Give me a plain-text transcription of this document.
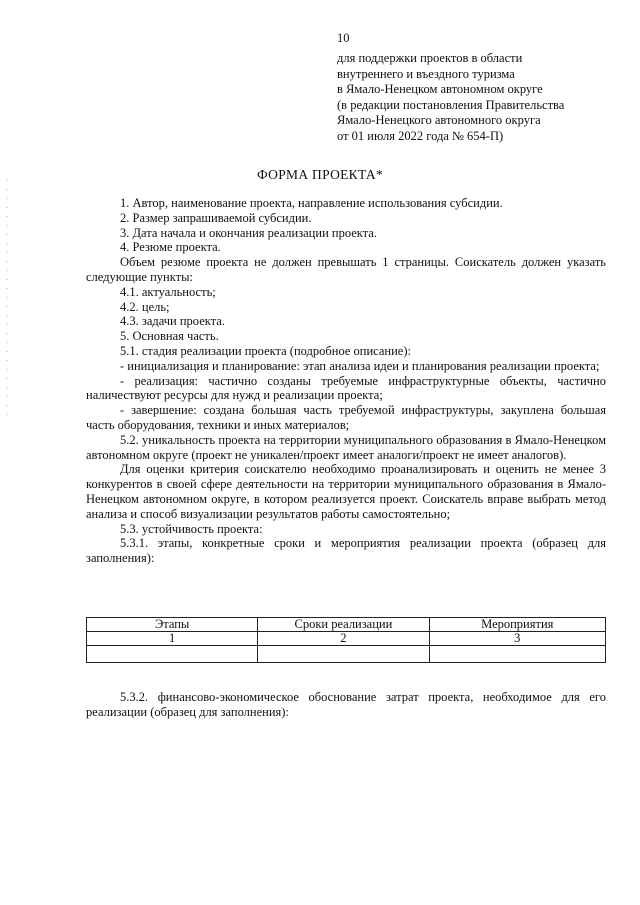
10
для поддержки проектов в области
внутреннего и въездного туризма
в Ямало-Ненецком автономном округе
(в редакции постановления Правительства
Ямало-Ненецкого автономного округа
от 01 июля 2022 года № 654-П)
ФОРМА ПРОЕКТА*

1. Автор, наименование проекта, направление использования субсидии.

2. Размер запрашиваемой субсидии.

3. Дата начала и окончания реализации проекта.

4. Резюме проекта.

Объем резюме проекта не должен превышать 1 страницы. Соискатель должен указать следующие пункты:

4.1. актуальность;

4.2. цель;

4.3. задачи проекта.

5. Основная часть.

5.1. стадия реализации проекта (подробное описание):

- инициализация и планирование: этап анализа идеи и планирования реализации проекта;

- реализация: частично созданы требуемые инфраструктурные объекты, частично наличествуют ресурсы для нужд и реализации проекта;

- завершение: создана большая часть требуемой инфраструктуры, закуплена большая часть оборудования, техники и иных материалов;

5.2. уникальность проекта на территории муниципального образования в Ямало-Ненецком автономном округе (проект не уникален/проект имеет аналоги/проект не имеет аналогов).

Для оценки критерия соискателю необходимо проанализировать и оценить не менее 3 конкурентов в своей сфере деятельности на территории муниципального образования в Ямало-Ненецком автономном округе, в котором реализуется проект. Соискатель вправе выбрать метод анализа и способ визуализации результатов работы самостоятельно;

5.3. устойчивость проекта:

5.3.1. этапы, конкретные сроки и мероприятия реализации проекта (образец для заполнения):

Этапы	Сроки реализации	Мероприятия
1	2	3

5.3.2. финансово-экономическое обоснование затрат проекта, необходимое для его реализации (образец для заполнения):
